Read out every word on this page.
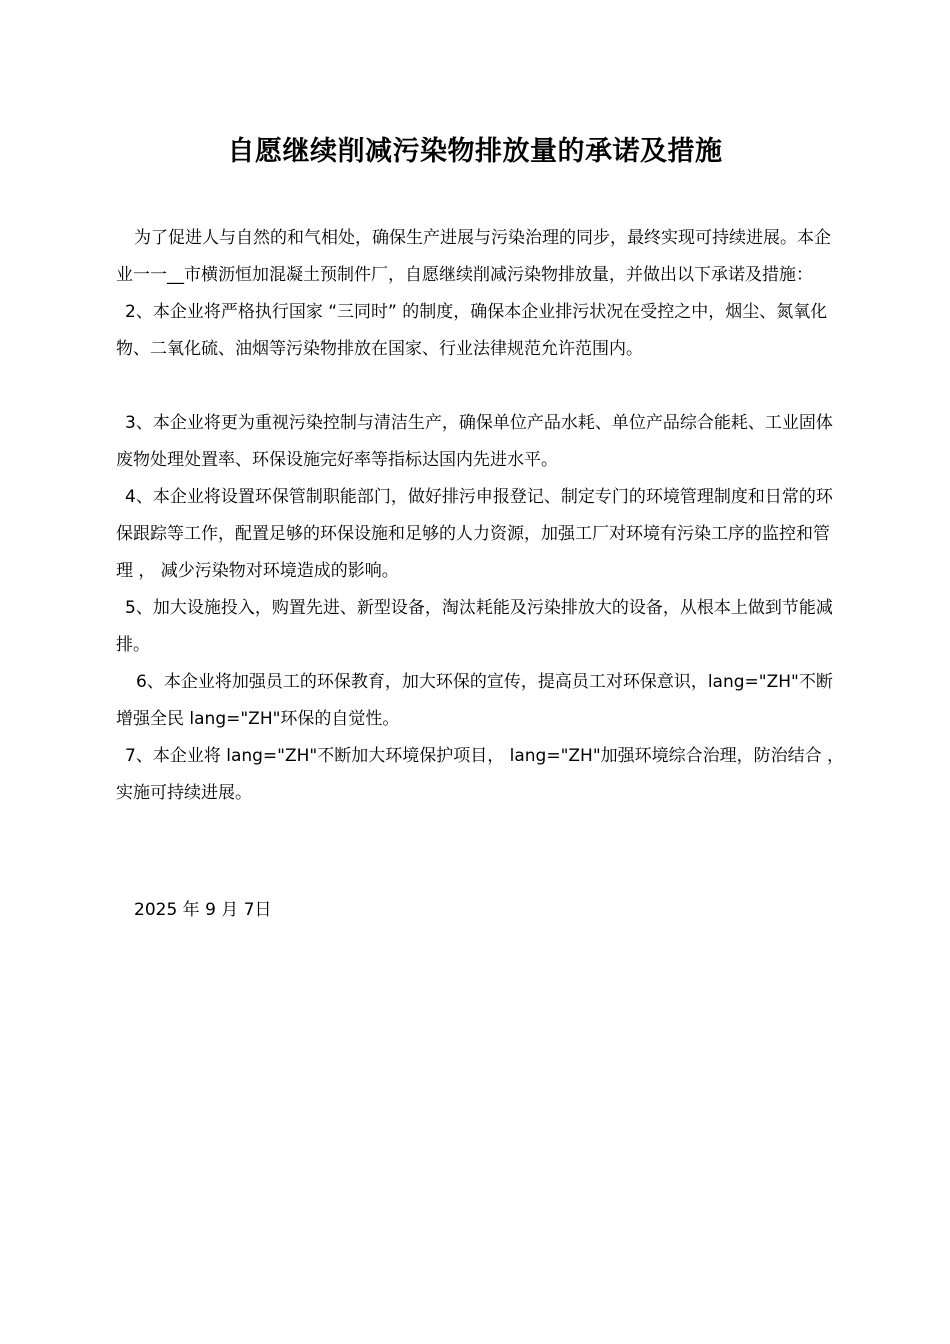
自愿继续削减污染物排放量的承诺及措施

为了促进人与自然的和气相处，确保生产进展与污染治理的同步，最终实现可持续进展。本企业一一__市横沥恒加混凝土预制件厂，自愿继续削减污染物排放量，并做出以下承诺及措施：

2、本企业将严格执行国家 “三同时” 的制度，确保本企业排污状况在受控之中，烟尘、氮氧化物、二氧化硫、油烟等污染物排放在国家、行业法律规范允许范围内。

3、本企业将更为重视污染控制与清洁生产，确保单位产品水耗、单位产品综合能耗、工业固体废物处理处置率、环保设施完好率等指标达国内先进水平。

4、本企业将设置环保管制职能部门，做好排污申报登记、制定专门的环境管理制度和日常的环保跟踪等工作，配置足够的环保设施和足够的人力资源，加强工厂对环境有污染工序的监控和管理 ， 减少污染物对环境造成的影响。

5、加大设施投入，购置先进、新型设备，淘汰耗能及污染排放大的设备，从根本上做到节能减排。

6、本企业将加强员工的环保教育，加大环保的宣传，提高员工对环保意识，lang="ZH"不断增强全民 lang="ZH"环保的自觉性。

7、本企业将 lang="ZH"不断加大环境保护项目， lang="ZH"加强环境综合治理，防治结合 ， 实施可持续进展。

2025 年 9 月 7日
